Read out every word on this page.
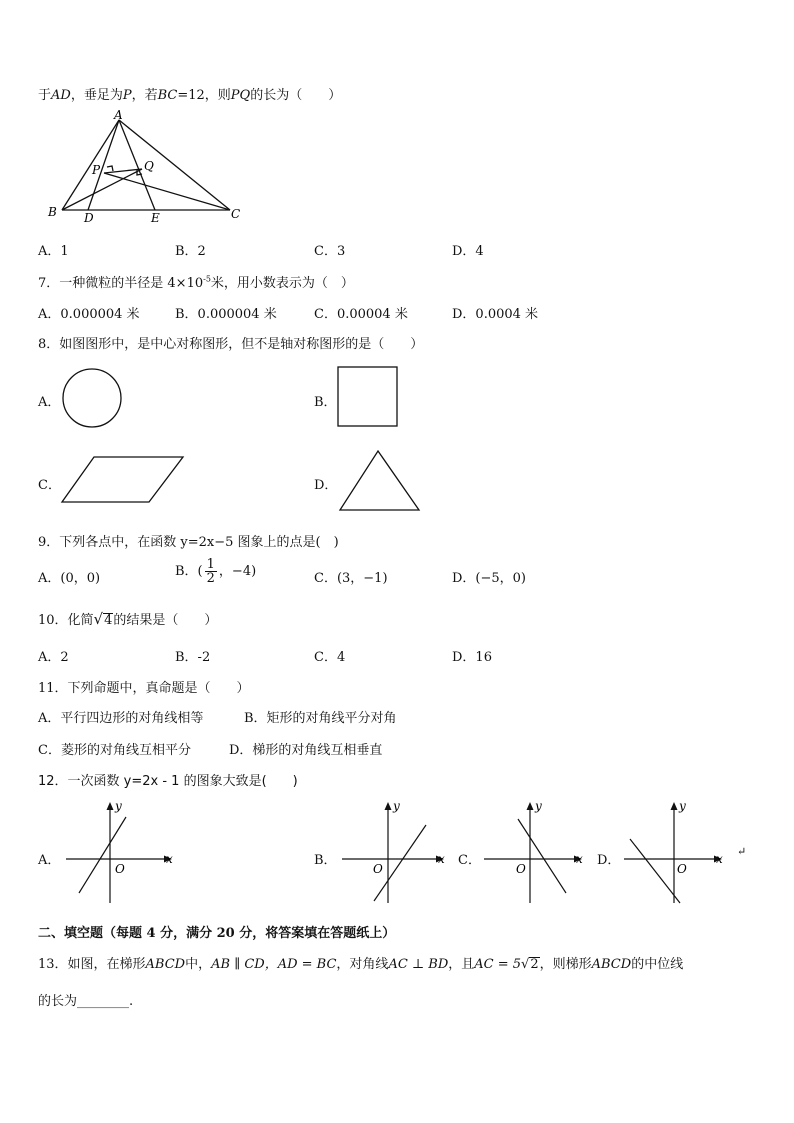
于AD，垂足为P，若BC=12，则PQ的长为（　　）
A
B	C
D	E
P	Q
A．1	B．2	C．3	D．4
7．一种微粒的半径是 $4\times 10^{-5}$米，用小数表示为（　）
A．0.000004 米	B．0.000004 米	C．0.00004 米	D．0.0004 米
8．如图图形中，是中心对称图形，但不是轴对称图形的是（　　）
A．	B．
C．	D．
9．下列各点中，在函数 y=2x−5 图象上的点是(　)
A．(0，0)	B．( $\frac{1}{2}$ ，−4)	C．(3，−1)	D．(−5，0)
10．化简√4的结果是（　　）
A．2	B．-2	C．4	D．16
11．下列命题中，真命题是（　　）
A．平行四边形的对角线相等	B．矩形的对角线平分对角
C．菱形的对角线互相平分	D．梯形的对角线互相垂直
12．一次函数 y=2x - 1 的图象大致是(　　)
A．	x
y
O
B．	x
y
O
C．	x
y
O
D．	x
y
O
↵
二、填空题（每题 4 分，满分 20 分，将答案填在答题纸上）
13．如图，在梯形ABCD中，AB ∥ CD，AD = BC，对角线AC ⊥ BD，且AC = 5√2，则梯形ABCD的中位线
的长为________.
